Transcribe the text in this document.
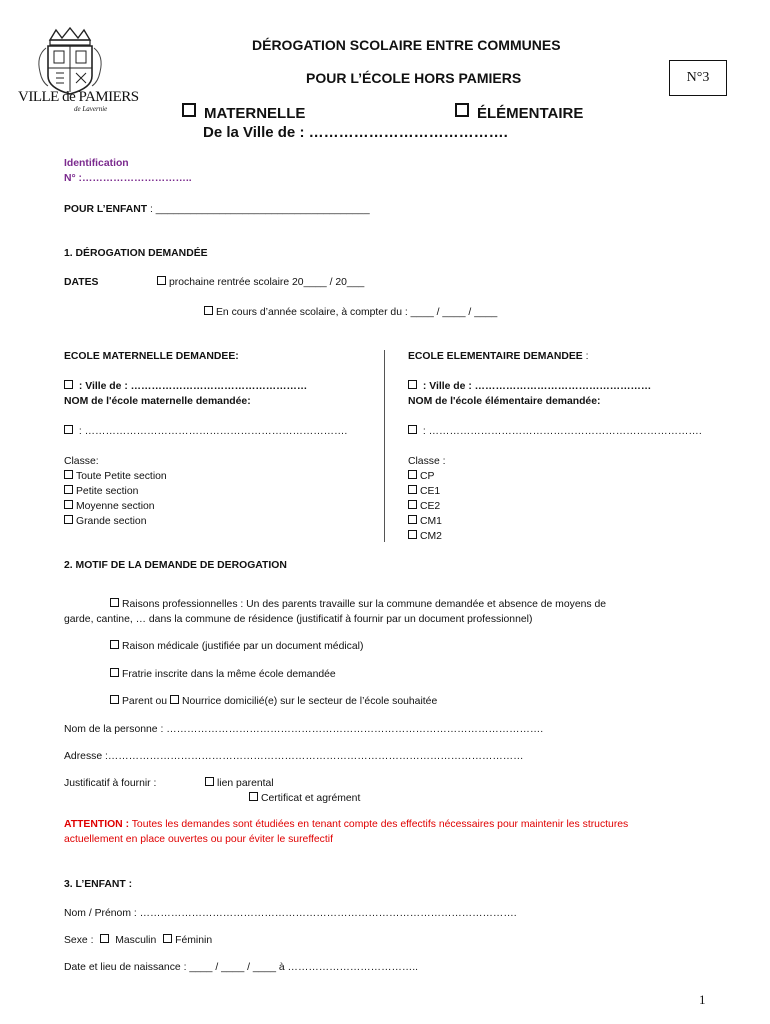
VILLE de PAMIERS
de Lavernie
DÉROGATION SCOLAIRE ENTRE COMMUNES
POUR L’ÉCOLE HORS PAMIERS	N°3
MATERNELLE	ÉLÉMENTAIRE
De la Ville de : ………………………………….
Identification
N° :…………………………..
POUR L’ENFANT : _____________________________________
1. DÉROGATION DEMANDÉE
DATES	prochaine rentrée scolaire 20____ / 20___
En cours d’année scolaire, à compter du : ____ / ____ / ____
ECOLE MATERNELLE DEMANDEE:
: Ville de : ……………………………………………
NOM de l'école maternelle demandée:
: ………………………………………………………………….
Classe:
Toute Petite section
Petite section
Moyenne section
Grande section
ECOLE ELEMENTAIRE DEMANDEE :
: Ville de : ……………………………………………
NOM de l'école élémentaire demandée:
: …………………………………………………………………….
Classe :
CP
CE1
CE2
CM1
CM2
2. MOTIF DE LA DEMANDE DE DEROGATION
Raisons professionnelles : Un des parents travaille sur la commune demandée et absence de moyens de
garde, cantine, … dans la commune de résidence (justificatif à fournir par un document professionnel)
Raison médicale (justifiée par un document médical)
Fratrie inscrite dans la même école demandée
Parent ou Nourrice domicilié(e) sur le secteur de l’école souhaitée
Nom de la personne : ……………………………………………………………………………………………….
Adresse :…………………………………………………………………………………………………………
Justificatif à fournir :	lien parental
Certificat et agrément
ATTENTION : Toutes les demandes sont étudiées en tenant compte des effectifs nécessaires pour maintenir les structures
actuellement en place ouvertes ou pour éviter le sureffectif
3. L’ENFANT :
Nom / Prénom : ……………………………………………………………………………………………….
Sexe : Masculin Féminin
Date et lieu de naissance : ____ / ____ / ____ à ………………………………..
1
